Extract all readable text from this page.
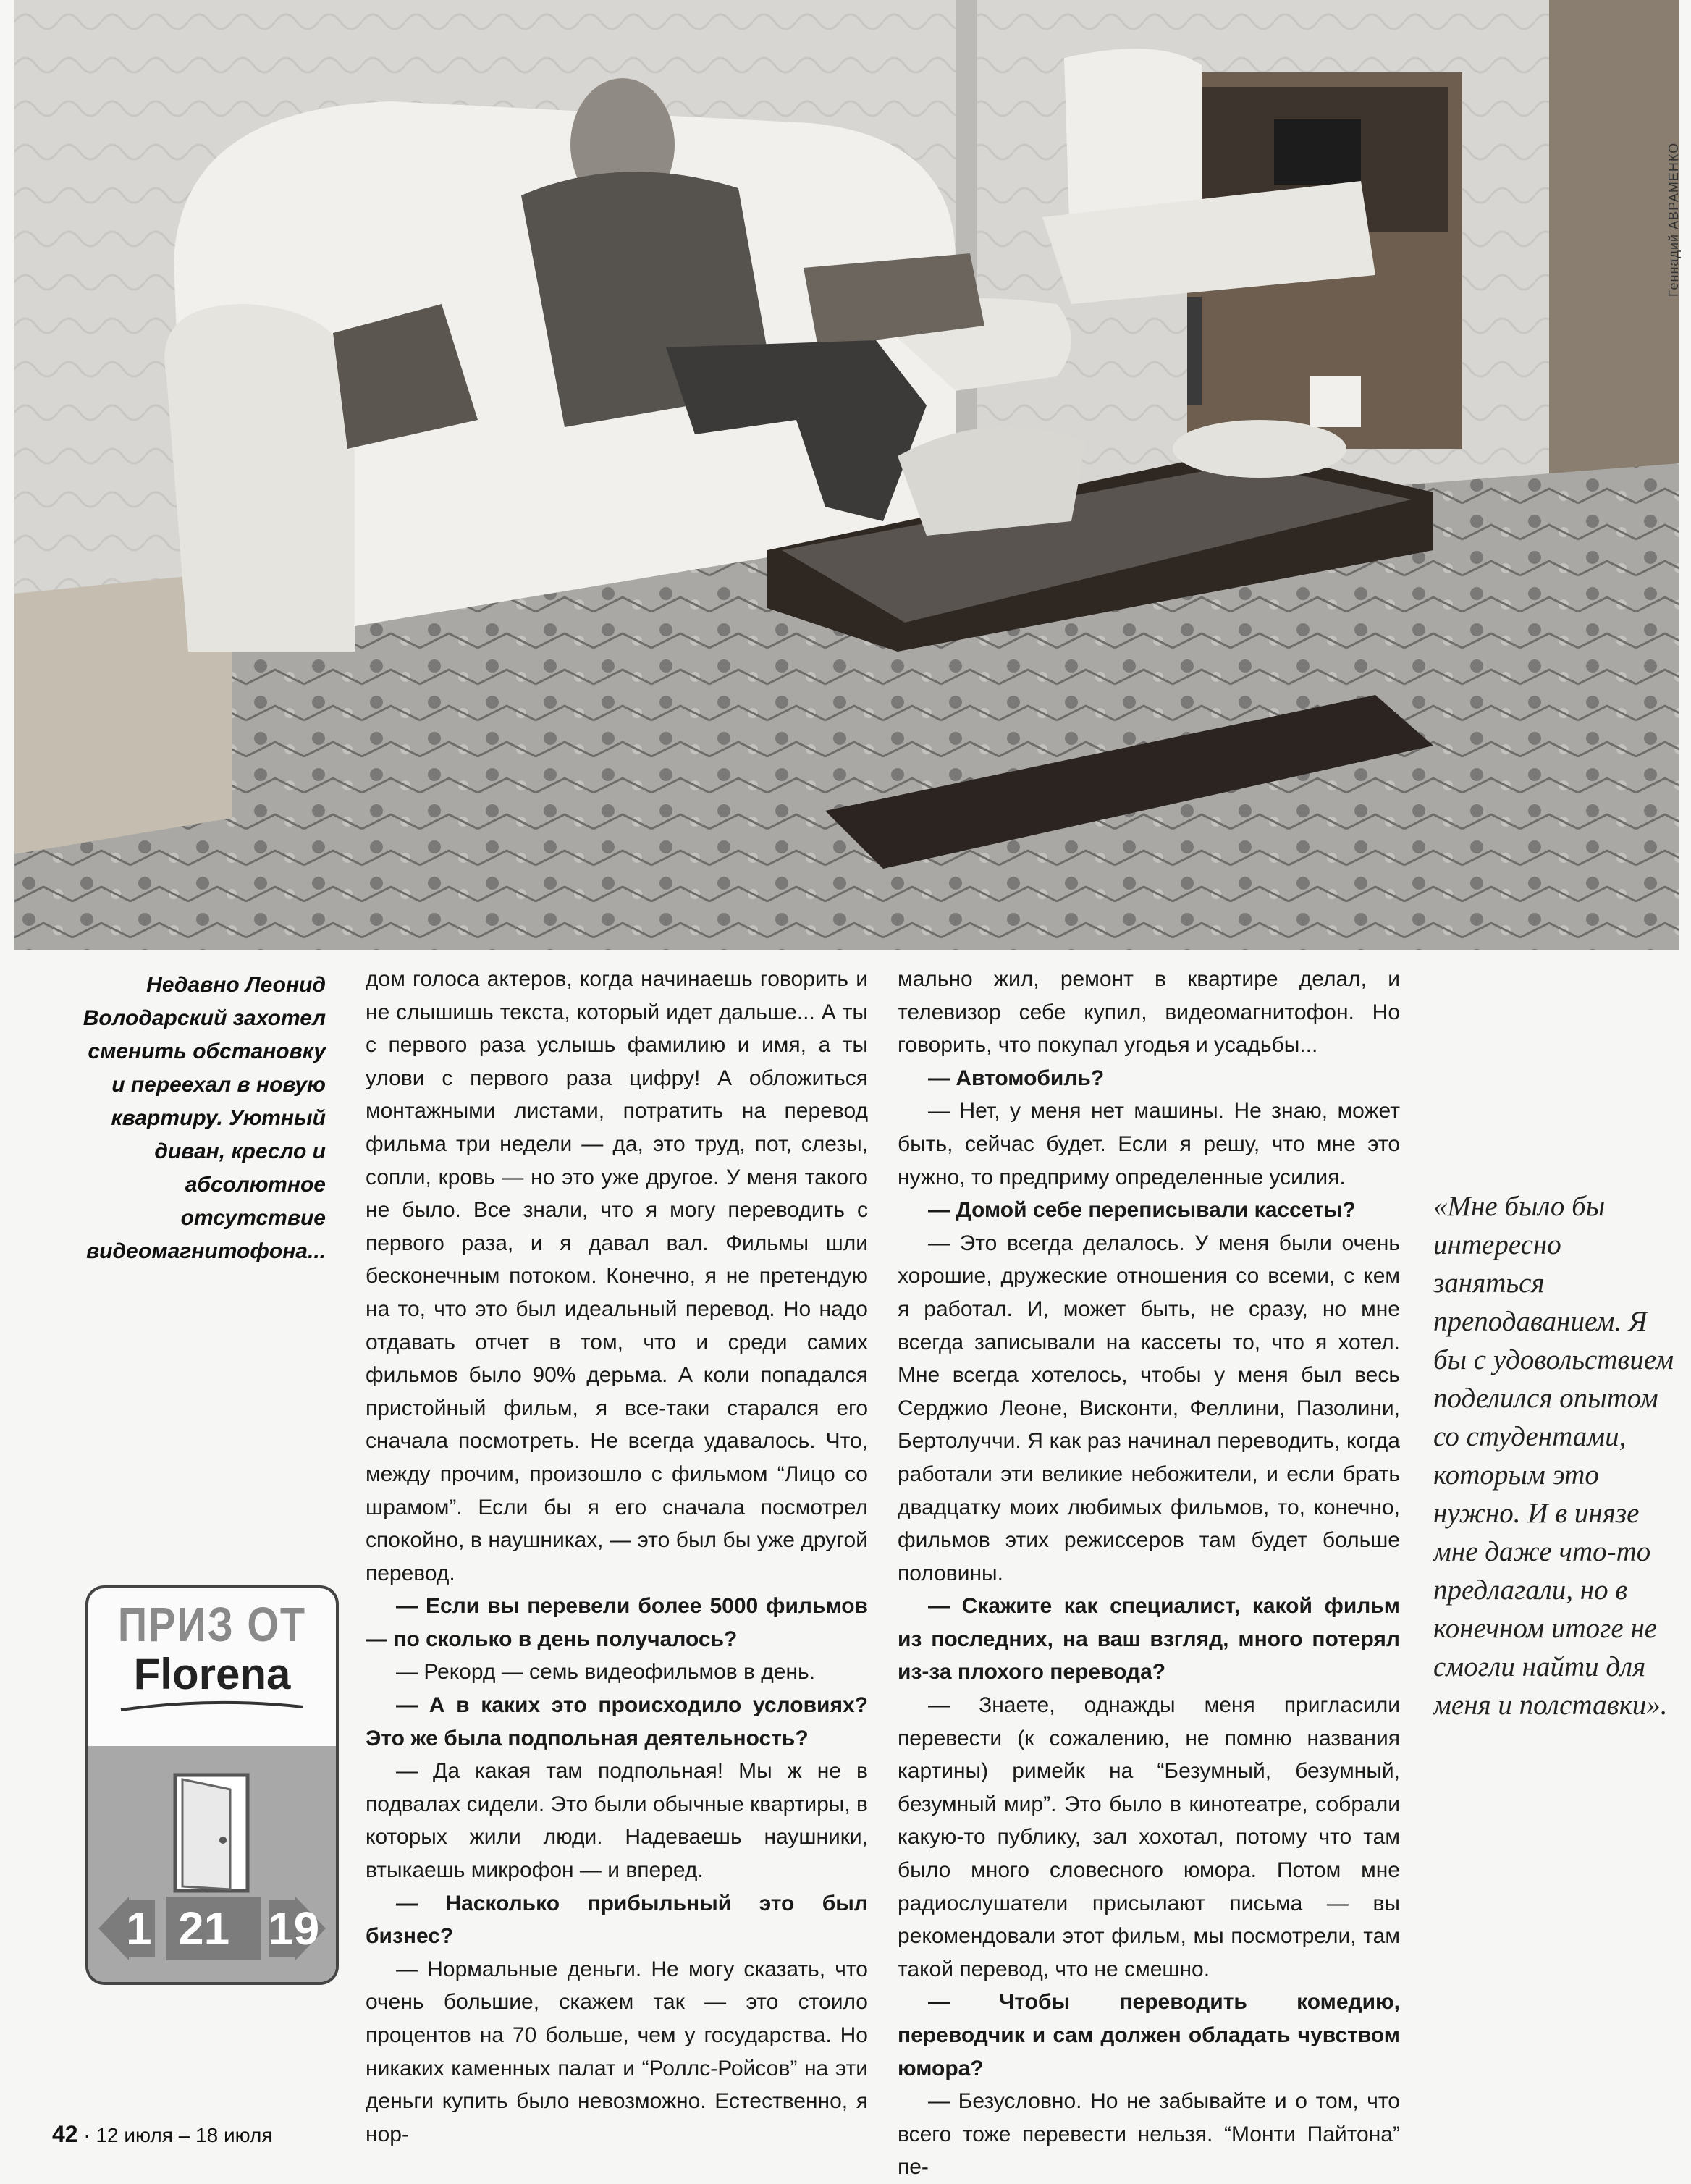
Геннадий АВРАМЕНКО
Недавно Леонид Володарский захотел сменить обстановку и переехал в новую квартиру. Уютный диван, кресло и абсолютное отсутствие видеомагнитофона...

дом голоса актеров, когда начинаешь говорить и не слышишь текста, который идет дальше... А ты с первого раза услышь фамилию и имя, а ты улови с первого раза цифру! А обложиться монтажными листами, потратить на перевод фильма три недели — да, это труд, пот, слезы, сопли, кровь — но это уже другое. У меня такого не было. Все знали, что я могу переводить с первого раза, и я давал вал. Фильмы шли бесконечным потоком. Конечно, я не претендую на то, что это был идеальный перевод. Но надо отдавать отчет в том, что и среди самих фильмов было 90% дерьма. А коли попадался пристойный фильм, я все-таки старался его сначала посмотреть. Не всегда удавалось. Что, между прочим, произошло с фильмом “Лицо со шрамом”. Если бы я его сначала посмотрел спокойно, в наушниках, — это был бы уже другой перевод.

— Если вы перевели более 5000 фильмов — по сколько в день получалось?

— Рекорд — семь видеофильмов в день.

— А в каких это происходило условиях? Это же была подпольная деятельность?

— Да какая там подпольная! Мы ж не в подвалах сидели. Это были обычные квартиры, в которых жили люди. Надеваешь наушники, втыкаешь микрофон — и вперед.

— Насколько прибыльный это был бизнес?

— Нормальные деньги. Не могу сказать, что очень большие, скажем так — это стоило процентов на 70 больше, чем у государства. Но никаких каменных палат и “Роллс-Ройсов” на эти деньги купить было невозможно. Естественно, я нор-

мально жил, ремонт в квартире делал, и телевизор себе купил, видеомагнитофон. Но говорить, что покупал угодья и усадьбы...

— Автомобиль?

— Нет, у меня нет машины. Не знаю, может быть, сейчас будет. Если я решу, что мне это нужно, то предприму определенные усилия.

— Домой себе переписывали кассеты?

— Это всегда делалось. У меня были очень хорошие, дружеские отношения со всеми, с кем я работал. И, может быть, не сразу, но мне всегда записывали на кассеты то, что я хотел. Мне всегда хотелось, чтобы у меня был весь Серджио Леоне, Висконти, Феллини, Пазолини, Бертолуччи. Я как раз начинал переводить, когда работали эти великие небожители, и если брать двадцатку моих любимых фильмов, то, конечно, фильмов этих режиссеров там будет больше половины.

— Скажите как специалист, какой фильм из последних, на ваш взгляд, много потерял из-за плохого перевода?

— Знаете, однажды меня пригласили перевести (к сожалению, не помню названия картины) римейк на “Безумный, безумный, безумный мир”. Это было в кинотеатре, собрали какую-то публику, зал хохотал, потому что там было много словесного юмора. Потом мне радиослушатели присылают письма — вы рекомендовали этот фильм, мы посмотрели, там такой перевод, что не смешно.

— Чтобы переводить комедию, переводчик и сам должен обладать чувством юмора?

— Безусловно. Но не забывайте и о том, что всего тоже перевести нельзя. “Монти Пайтона” пе-

«Мне было бы интересно заняться преподаванием. Я бы с удовольствием поделился опытом со студентами, которым это нужно. И в инязе мне даже что-то предлагали, но в конечном итоге не смогли найти для меня и полставки».
ПРИЗ ОТ
Florena
1 21 19
42 · 12 июля – 18 июля
